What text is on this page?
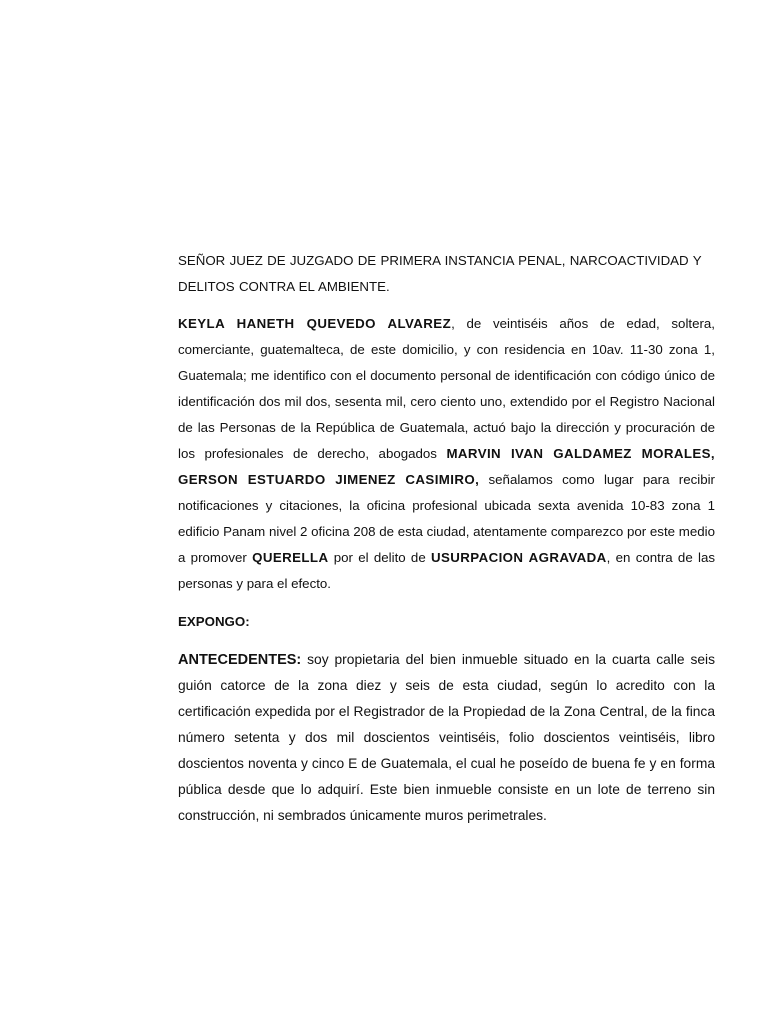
SEÑOR JUEZ DE JUZGADO DE PRIMERA INSTANCIA PENAL, NARCOACTIVIDAD Y DELITOS CONTRA EL AMBIENTE.

KEYLA HANETH QUEVEDO ALVAREZ, de veintiséis años de edad, soltera, comerciante, guatemalteca, de este domicilio, y con residencia en 10av. 11-30 zona 1, Guatemala; me identifico con el documento personal de identificación con código único de identificación dos mil dos, sesenta mil, cero ciento uno, extendido por el Registro Nacional de las Personas de la República de Guatemala, actuó bajo la dirección y procuración de los profesionales de derecho, abogados MARVIN IVAN GALDAMEZ MORALES, GERSON ESTUARDO JIMENEZ CASIMIRO, señalamos como lugar para recibir notificaciones y citaciones, la oficina profesional ubicada sexta avenida 10-83 zona 1 edificio Panam nivel 2 oficina 208 de esta ciudad, atentamente comparezco por este medio a promover QUERELLA por el delito de USURPACION AGRAVADA, en contra de las personas y para el efecto.

EXPONGO:

ANTECEDENTES: soy propietaria del bien inmueble situado en la cuarta calle seis guión catorce de la zona diez y seis de esta ciudad, según lo acredito con la certificación expedida por el Registrador de la Propiedad de la Zona Central, de la finca número setenta y dos mil doscientos veintiséis, folio doscientos veintiséis, libro doscientos noventa y cinco E de Guatemala, el cual he poseído de buena fe y en forma pública desde que lo adquirí. Este bien inmueble consiste en un lote de terreno sin construcción, ni sembrados únicamente muros perimetrales.
